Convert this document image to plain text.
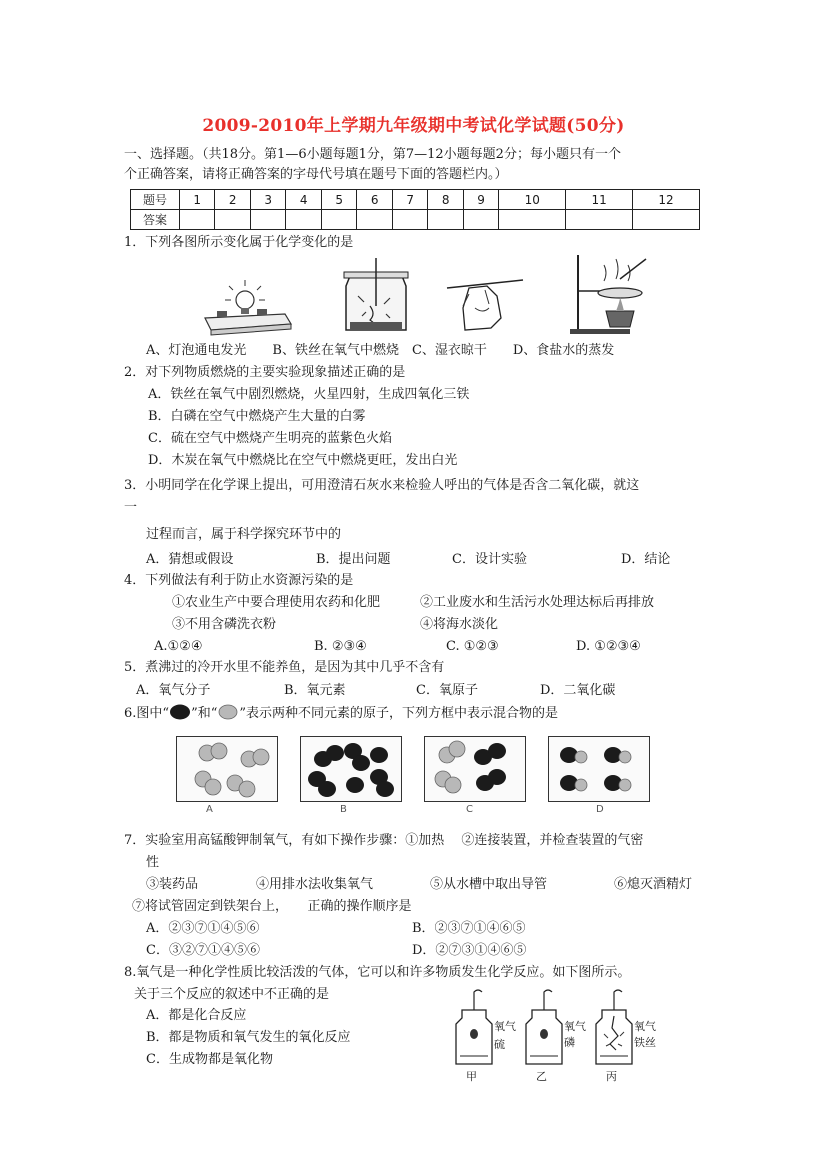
2009-2010年上学期九年级期中考试化学试题(50分)
一、选择题。（共18分。第1—6小题每题1分，第7—12小题每题2分；每小题只有一个
个正确答案，请将正确答案的字母代号填在题号下面的答题栏内。）
题号	1	2	3	4	5	6	7	8	9	10	11	12
答案												
1．下列各图所示变化属于化学变化的是
A、灯泡通电发光　　B、铁丝在氧气中燃烧　C、湿衣晾干　　D、食盐水的蒸发
2．对下列物质燃烧的主要实验现象描述正确的是
A．铁丝在氧气中剧烈燃烧，火星四射，生成四氧化三铁
B．白磷在空气中燃烧产生大量的白雾
C．硫在空气中燃烧产生明亮的蓝紫色火焰
D．木炭在氧气中燃烧比在空气中燃烧更旺，发出白光
3．小明同学在化学课上提出，可用澄清石灰水来检验人呼出的气体是否含二氧化碳，就这
一
过程而言，属于科学探究环节中的
A．猜想或假设	B．提出问题	C．设计实验	D．结论
4．下列做法有利于防止水资源污染的是
①农业生产中要合理使用农药和化肥	②工业废水和生活污水处理达标后再排放
③不用含磷洗衣粉	④将海水淡化
A.①②④	B. ②③④	C. ①②③	D. ①②③④
5．煮沸过的冷开水里不能养鱼，是因为其中几乎不含有
A．氧气分子	B．氧元素	C．氧原子	D．二氧化碳
6.图中“ ”和“ ”表示两种不同元素的原子，下列方框中表示混合物的是
A	B	C	D
7．实验室用高锰酸钾制氧气，有如下操作步骤：①加热　 ②连接装置，并检查装置的气密
性
③装药品	④用排水法收集氧气	⑤从水槽中取出导管	⑥熄灭酒精灯
⑦将试管固定到铁架台上，　　正确的操作顺序是
A．②③⑦①④⑤⑥	B．②③⑦①④⑥⑤
C．③②⑦①④⑤⑥	D．②⑦③①④⑥⑤
8.氧气是一种化学性质比较活泼的气体，它可以和许多物质发生化学反应。如下图所示。
关于三个反应的叙述中不正确的是
A．都是化合反应
B．都是物质和氧气发生的氧化反应
C．生成物都是氧化物
氧气
硫
甲
氧气
磷
乙
氧气
铁丝
丙
